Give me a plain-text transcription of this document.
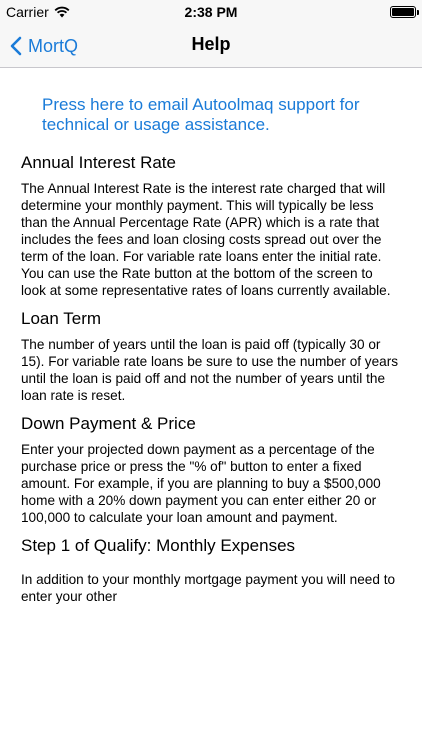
Carrier	2:38 PM
MortQ	Help
Press here to email Autoolmaq support for technical or usage assistance.
Annual Interest Rate

The Annual Interest Rate is the interest rate charged that will determine your monthly payment. This will typically be less than the Annual Percentage Rate (APR) which is a rate that includes the fees and loan closing costs spread out over the term of the loan. For variable rate loans enter the initial rate. You can use the Rate button at the bottom of the screen to look at some representative rates of loans currently available.

Loan Term

The number of years until the loan is paid off (typically 30 or 15). For variable rate loans be sure to use the number of years until the loan is paid off and not the number of years until the loan rate is reset.

Down Payment & Price

Enter your projected down payment as a percentage of the purchase price or press the "% of" button to enter a fixed amount. For example, if you are planning to buy a $500,000 home with a 20% down payment you can enter either 20 or 100,000 to calculate your loan amount and payment.

Step 1 of Qualify: Monthly Expenses

In addition to your monthly mortgage payment you will need to enter your other
